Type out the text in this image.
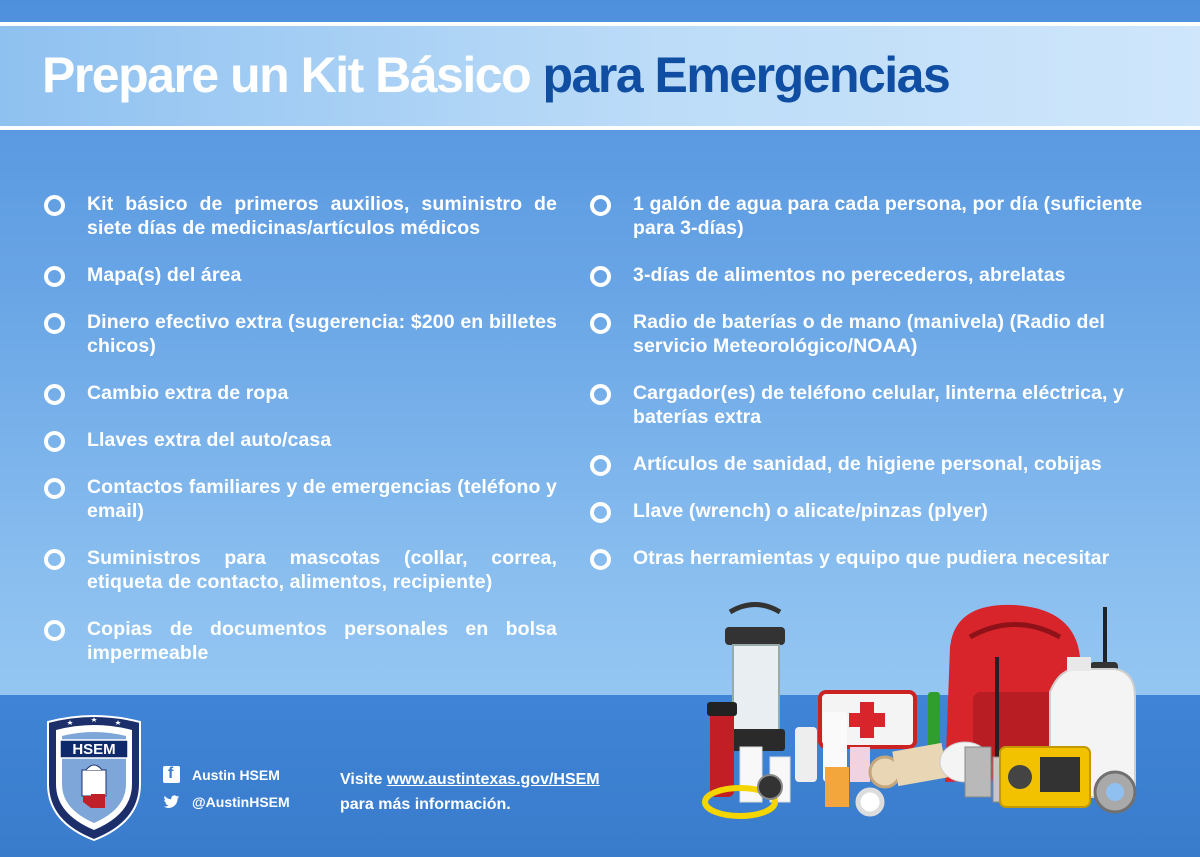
Prepare un Kit Básico para Emergencias
Kit básico de primeros auxilios, suministro de siete días de medicinas/artículos médicos
Mapa(s) del área
Dinero efectivo extra (sugerencia: $200 en billetes chicos)
Cambio extra de ropa
Llaves extra del auto/casa
Contactos familiares y de emergencias (teléfono y email)
Suministros para mascotas (collar, correa, etiqueta de contacto, alimentos, recipiente)
Copias de documentos personales en bolsa impermeable
1 galón de agua para cada persona, por día (suficiente para 3-días)
3-días de alimentos no perecederos, abrelatas
Radio de baterías o de mano (manivela) (Radio del servicio Meteorológico/NOAA)
Cargador(es) de teléfono celular, linterna eléctrica, y baterías extra
Artículos de sanidad, de higiene personal, cobijas
Llave (wrench) o alicate/pinzas (plyer)
Otras herramientas y equipo que pudiera necesitar
HSEM
f
Austin HSEM
@AustinHSEM
Visite www.austintexas.gov/HSEM
para más información.
